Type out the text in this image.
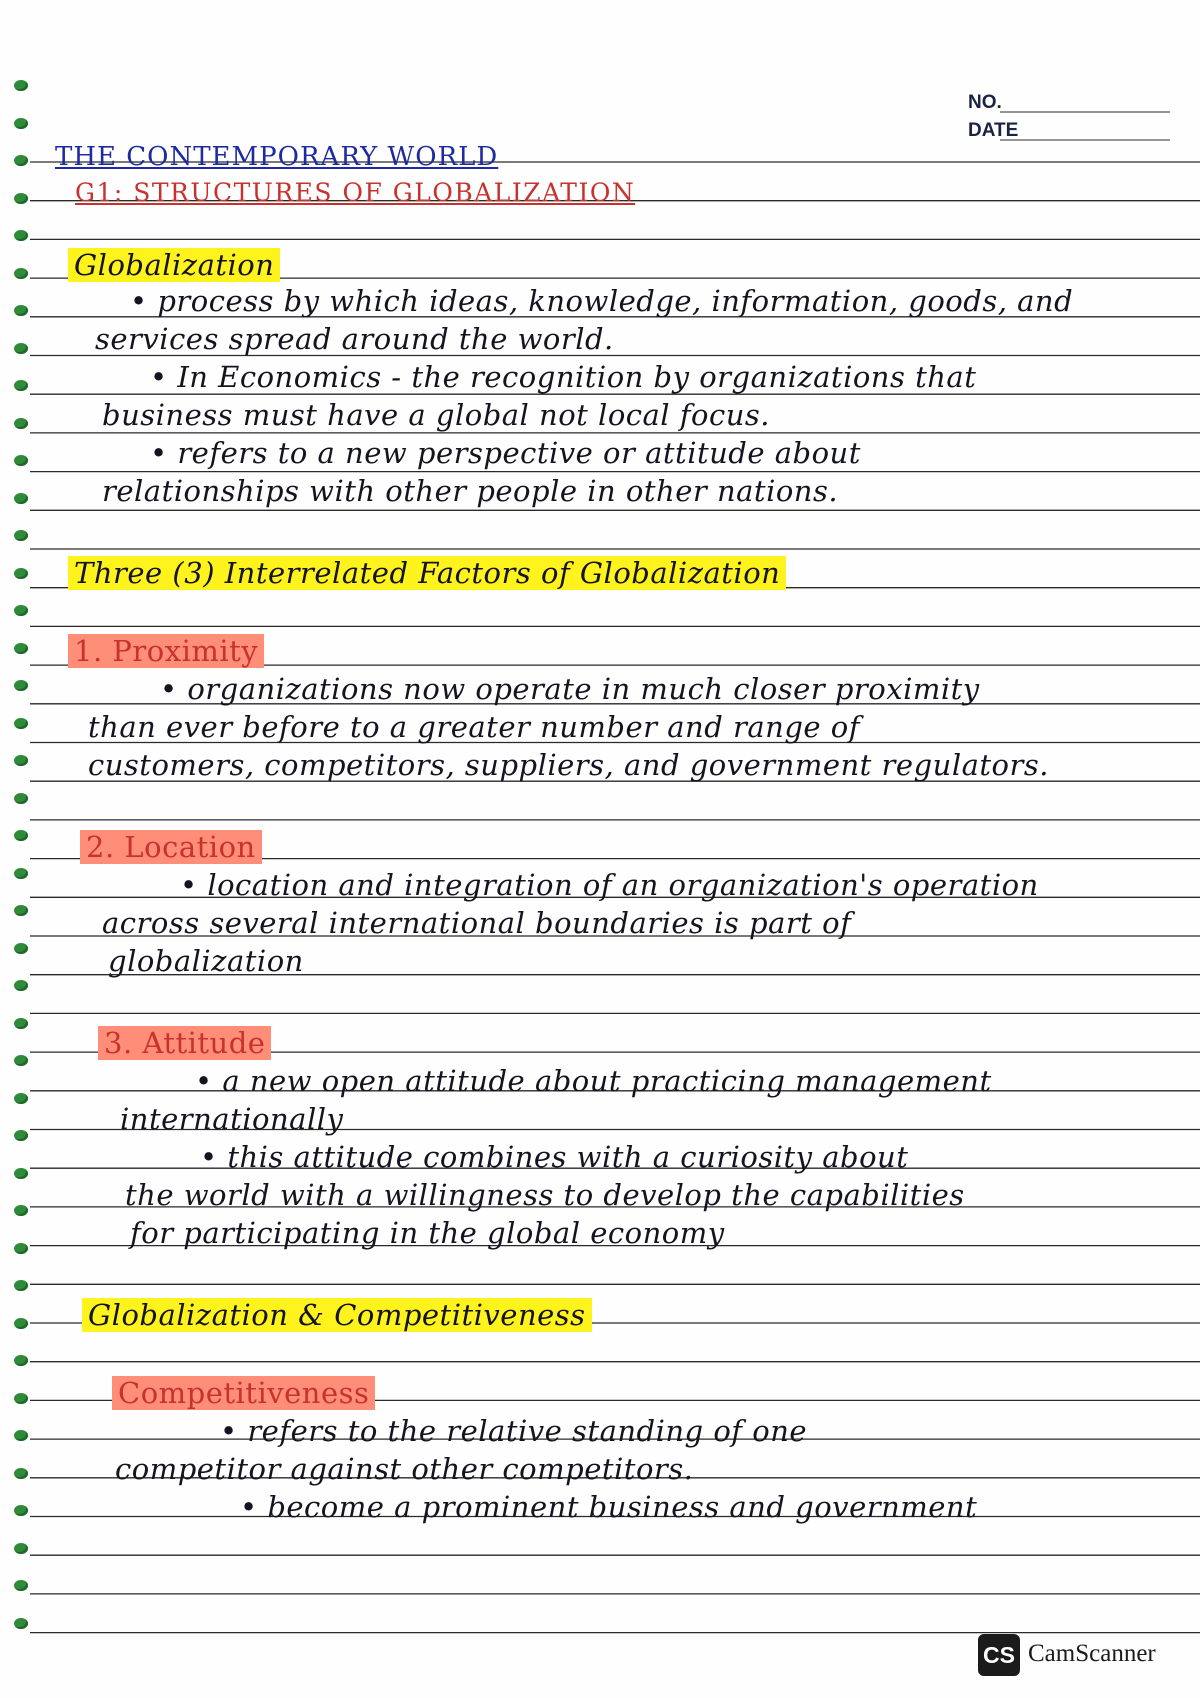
NO.
DATE
THE CONTEMPORARY WORLD
G1: STRUCTURES OF GLOBALIZATION
Globalization
• process by which ideas, knowledge, information, goods, and
services spread around the world.
• In Economics - the recognition by organizations that
business must have a global not local focus.
• refers to a new perspective or attitude about
relationships with other people in other nations.
Three (3) Interrelated Factors of Globalization
1. Proximity
• organizations now operate in much closer proximity
than ever before to a greater number and range of
customers, competitors, suppliers, and government regulators.
2. Location
• location and integration of an organization's operation
across several international boundaries is part of
globalization
3. Attitude
• a new open attitude about practicing management
internationally
• this attitude combines with a curiosity about
the world with a willingness to develop the capabilities
for participating in the global economy
Globalization & Competitiveness
Competitiveness
• refers to the relative standing of one
competitor against other competitors.
• become a prominent business and government
CS CamScanner
